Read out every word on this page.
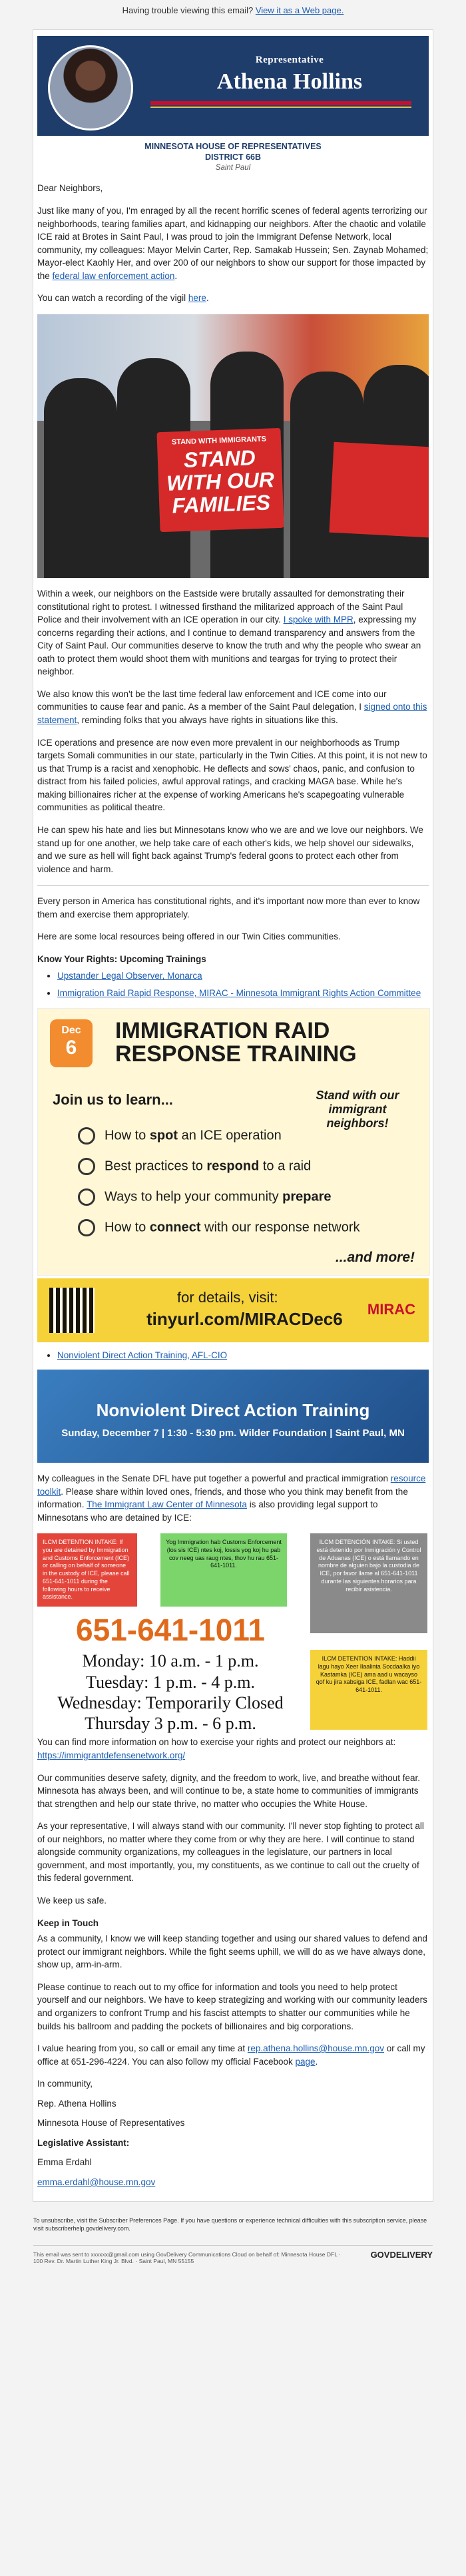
Having trouble viewing this email? View it as a Web page.
Representative
Athena Hollins
MINNESOTA HOUSE OF REPRESENTATIVES
DISTRICT 66B
Saint Paul

Dear Neighbors,

Just like many of you, I'm enraged by all the recent horrific scenes of federal agents terrorizing our neighborhoods, tearing families apart, and kidnapping our neighbors. After the chaotic and volatile ICE raid at Brotes in Saint Paul, I was proud to join the Immigrant Defense Network, local community, my colleagues: Mayor Melvin Carter, Rep. Samakab Hussein; Sen. Zaynab Mohamed; Mayor-elect Kaohly Her, and over 200 of our neighbors to show our support for those impacted by the federal law enforcement action.

You can watch a recording of the vigil here.

STAND WITH IMMIGRANTS
STAND WITH OUR FAMILIES

Within a week, our neighbors on the Eastside were brutally assaulted for demonstrating their constitutional right to protest. I witnessed firsthand the militarized approach of the Saint Paul Police and their involvement with an ICE operation in our city. I spoke with MPR, expressing my concerns regarding their actions, and I continue to demand transparency and answers from the City of Saint Paul. Our communities deserve to know the truth and why the people who swear an oath to protect them would shoot them with munitions and teargas for trying to protect their neighbor.

We also know this won't be the last time federal law enforcement and ICE come into our communities to cause fear and panic. As a member of the Saint Paul delegation, I signed onto this statement, reminding folks that you always have rights in situations like this.

ICE operations and presence are now even more prevalent in our neighborhoods as Trump targets Somali communities in our state, particularly in the Twin Cities. At this point, it is not new to us that Trump is a racist and xenophobic. He deflects and sows' chaos, panic, and confusion to distract from his failed policies, awful approval ratings, and cracking MAGA base. While he's making billionaires richer at the expense of working Americans he's scapegoating vulnerable communities as political theatre.

He can spew his hate and lies but Minnesotans know who we are and we love our neighbors. We stand up for one another, we help take care of each other's kids, we help shovel our sidewalks, and we sure as hell will fight back against Trump's federal goons to protect each other from violence and harm.

Every person in America has constitutional rights, and it's important now more than ever to know them and exercise them appropriately.

Here are some local resources being offered in our Twin Cities communities.

Know Your Rights: Upcoming Trainings

• Upstander Legal Observer, Monarca
• Immigration Raid Rapid Response, MIRAC - Minnesota Immigrant Rights Action Committee
Dec
6
IMMIGRATION RAID RESPONSE TRAINING
Stand with our immigrant neighbors!
Join us to learn...
How to spot an ICE operation
Best practices to respond to a raid
Ways to help your community prepare
How to connect with our response network
...and more!
for details, visit:
tinyurl.com/MIRACDec6 MIRAC
• Nonviolent Direct Action Training, AFL-CIO
Nonviolent Direct Action Training
Sunday, December 7 | 1:30 - 5:30 pm. Wilder Foundation | Saint Paul, MN

My colleagues in the Senate DFL have put together a powerful and practical immigration resource toolkit. Please share within loved ones, friends, and those who you think may benefit from the information. The Immigrant Law Center of Minnesota is also providing legal support to Minnesotans who are detained by ICE:

ILCM DETENTION INTAKE: If you are detained by Immigration and Customs Enforcement (ICE) or calling on behalf of someone in the custody of ICE, please call 651-641-1011 during the following hours to receive assistance.
Yog Immigration hab Customs Enforcement (los sis ICE) ntes koj, lossis yog koj hu pab cov neeg uas raug ntes, thov hu rau 651-641-1011.
ILCM DETENCIÓN INTAKE: Si usted está detenido por Inmigración y Control de Aduanas (ICE) o está llamando en nombre de alguien bajo la custodia de ICE, por favor llame al 651-641-1011 durante las siguientes horarios para recibir asistencia.
ILCM DETENTION INTAKE: Haddii lagu hayo Xeer Ilaalinta Socdaalka iyo Kastamka (ICE) ama aad u wacayso qof ku jira xabsiga ICE, fadlan wac 651-641-1011.
651-641-1011
Monday: 10 a.m. - 1 p.m.
Tuesday: 1 p.m. - 4 p.m.
Wednesday: Temporarily Closed
Thursday 3 p.m. - 6 p.m.

You can find more information on how to exercise your rights and protect our neighbors at: https://immigrantdefensenetwork.org/

Our communities deserve safety, dignity, and the freedom to work, live, and breathe without fear. Minnesota has always been, and will continue to be, a state home to communities of immigrants that strengthen and help our state thrive, no matter who occupies the White House.

As your representative, I will always stand with our community. I'll never stop fighting to protect all of our neighbors, no matter where they come from or why they are here. I will continue to stand alongside community organizations, my colleagues in the legislature, our partners in local government, and most importantly, you, my constituents, as we continue to call out the cruelty of this federal government.

We keep us safe.

Keep in Touch

As a community, I know we will keep standing together and using our shared values to defend and protect our immigrant neighbors. While the fight seems uphill, we will do as we have always done, show up, arm-in-arm.

Please continue to reach out to my office for information and tools you need to help protect yourself and our neighbors. We have to keep strategizing and working with our community leaders and organizers to confront Trump and his fascist attempts to shatter our communities while he builds his ballroom and padding the pockets of billionaires and big corporations.

I value hearing from you, so call or email any time at rep.athena.hollins@house.mn.gov or call my office at 651-296-4224. You can also follow my official Facebook page.

In community,

Rep. Athena Hollins

Minnesota House of Representatives

Legislative Assistant:

Emma Erdahl

emma.erdahl@house.mn.gov

To unsubscribe, visit the Subscriber Preferences Page. If you have questions or experience technical difficulties with this subscription service, please visit subscriberhelp.govdelivery.com.
This email was sent to xxxxxx@gmail.com using GovDelivery Communications Cloud on behalf of: Minnesota House DFL · 100 Rev. Dr. Martin Luther King Jr. Blvd. · Saint Paul, MN 55155
GOVDELIVERY
